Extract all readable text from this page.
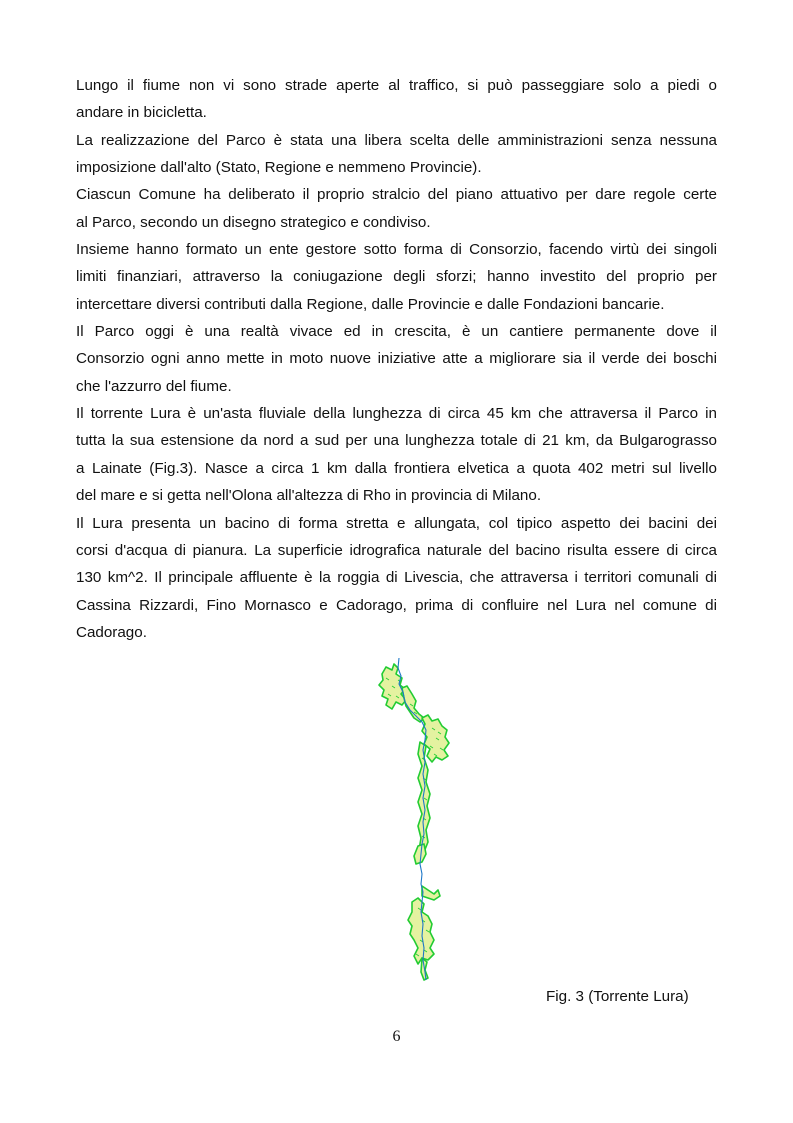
Lungo il fiume non vi sono strade aperte al traffico, si può passeggiare solo a piedi o
andare in bicicletta.
La realizzazione del Parco è stata una libera scelta delle amministrazioni senza nessuna
imposizione dall'alto (Stato, Regione e nemmeno Provincie).
Ciascun Comune ha deliberato il proprio stralcio del piano attuativo per dare regole certe
al Parco, secondo un disegno strategico e condiviso.
Insieme hanno formato un ente gestore sotto forma di Consorzio, facendo virtù dei singoli
limiti finanziari, attraverso la coniugazione degli sforzi; hanno investito del proprio per
intercettare diversi contributi dalla Regione, dalle Provincie e dalle Fondazioni bancarie.
Il Parco oggi è una realtà vivace ed in crescita, è un cantiere permanente dove il
Consorzio ogni anno mette in moto nuove iniziative atte a migliorare sia il verde dei boschi
che l'azzurro del fiume.
Il torrente Lura è un'asta fluviale della lunghezza di circa 45 km che attraversa il Parco in
tutta la sua estensione da nord a sud per una lunghezza totale di 21 km, da Bulgarograsso
a Lainate (Fig.3). Nasce a circa 1 km dalla frontiera elvetica a quota 402 metri sul livello
del mare e si getta nell'Olona all'altezza di Rho in provincia di Milano.
Il Lura presenta un bacino di forma stretta e allungata, col tipico aspetto dei bacini dei
corsi d'acqua di pianura. La superficie idrografica naturale del bacino risulta essere di circa
130 km^2. Il principale affluente è la roggia di Livescia, che attraversa i territori comunali di
Cassina Rizzardi, Fino Mornasco e Cadorago, prima di confluire nel Lura nel comune di
Cadorago.
Fig. 3 (Torrente Lura)
6
